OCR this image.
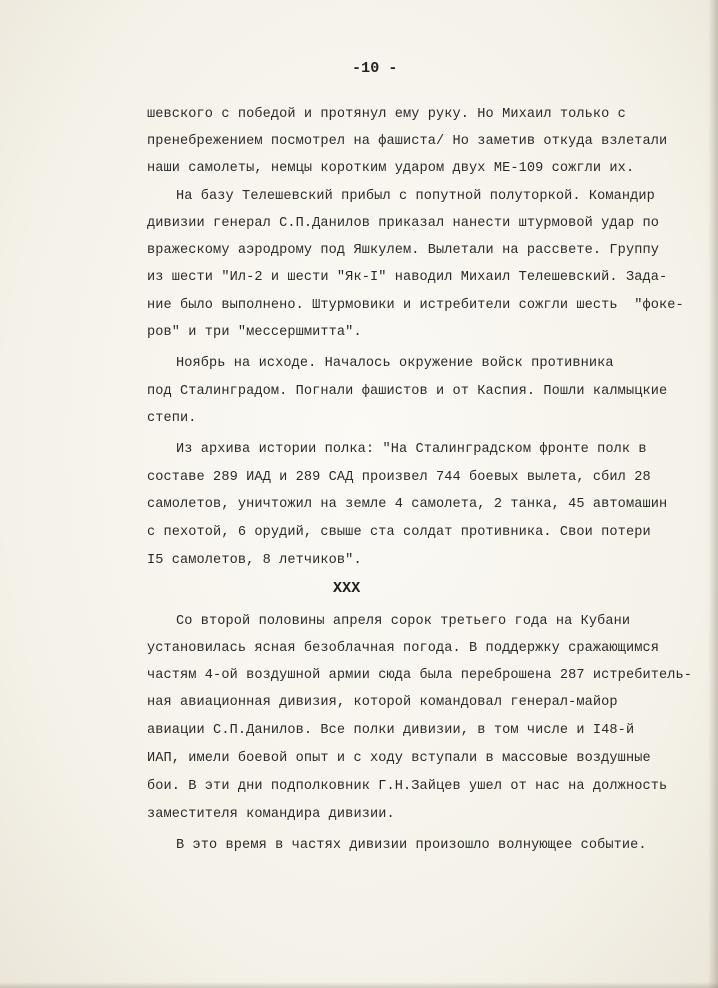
-10 -
шевского с победой и протянул ему руку. Но Михаил только с
пренебрежением посмотрел на фашиста/ Но заметив откуда взлетали
наши самолеты, немцы коротким ударом двух МЕ-109 сожгли их.
На базу Телешевский прибыл с попутной полуторкой. Командир
дивизии генерал С.П.Данилов приказал нанести штурмовой удар по
вражескому аэродрому под Яшкулем. Вылетали на рассвете. Группу
из шести "Ил-2 и шести "Як-I" наводил Михаил Телешевский. Зада-
ние было выполнено. Штурмовики и истребители сожгли шесть  "фоке-
ров" и три "мессершмитта".
Ноябрь на исходе. Началось окружение войск противника
под Сталинградом. Погнали фашистов и от Каспия. Пошли калмыцкие
степи.
Из архива истории полка: "На Сталинградском фронте полк в
составе 289 ИАД и 289 САД произвел 744 боевых вылета, сбил 28
самолетов, уничтожил на земле 4 самолета, 2 танка, 45 автомашин
с пехотой, 6 орудий, свыше ста солдат противника. Свои потери
I5 самолетов, 8 летчиков".
XXX
Со второй половины апреля сорок третьего года на Кубани
установилась ясная безоблачная погода. В поддержку сражающимся
частям 4-ой воздушной армии сюда была переброшена 287 истребитель-
ная авиационная дивизия, которой командовал генерал-майор
авиации С.П.Данилов. Все полки дивизии, в том числе и I48-й
ИАП, имели боевой опыт и с ходу вступали в массовые воздушные
бои. В эти дни подполковник Г.Н.Зайцев ушел от нас на должность
заместителя командира дивизии.
В это время в частях дивизии произошло волнующее событие.
